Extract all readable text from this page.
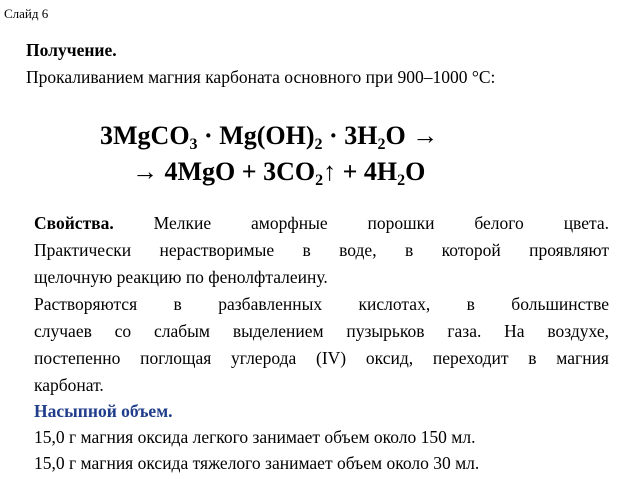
Слайд 6
Получение.
Прокаливанием магния карбоната основного при 900–1000 °С:
3MgCO$_3$ · $Mg(OH)_2 \cdot 3H_2O$ →
→ $4MgO + 3CO_2↑ + 4H_2O$
Свойства. Мелкие аморфные порошки белого цвета.
Практически нерастворимые в воде, в которой проявляют
щелочную реакцию по фенолфталеину.
Растворяются в разбавленных кислотах, в большинстве
случаев со слабым выделением пузырьков газа. На воздухе,
постепенно поглощая углерода (IV) оксид, переходит в магния
карбонат.
Насыпной объем.
15,0 г магния оксида легкого занимает объем около 150 мл.
15,0 г магния оксида тяжелого занимает объем около 30 мл.
